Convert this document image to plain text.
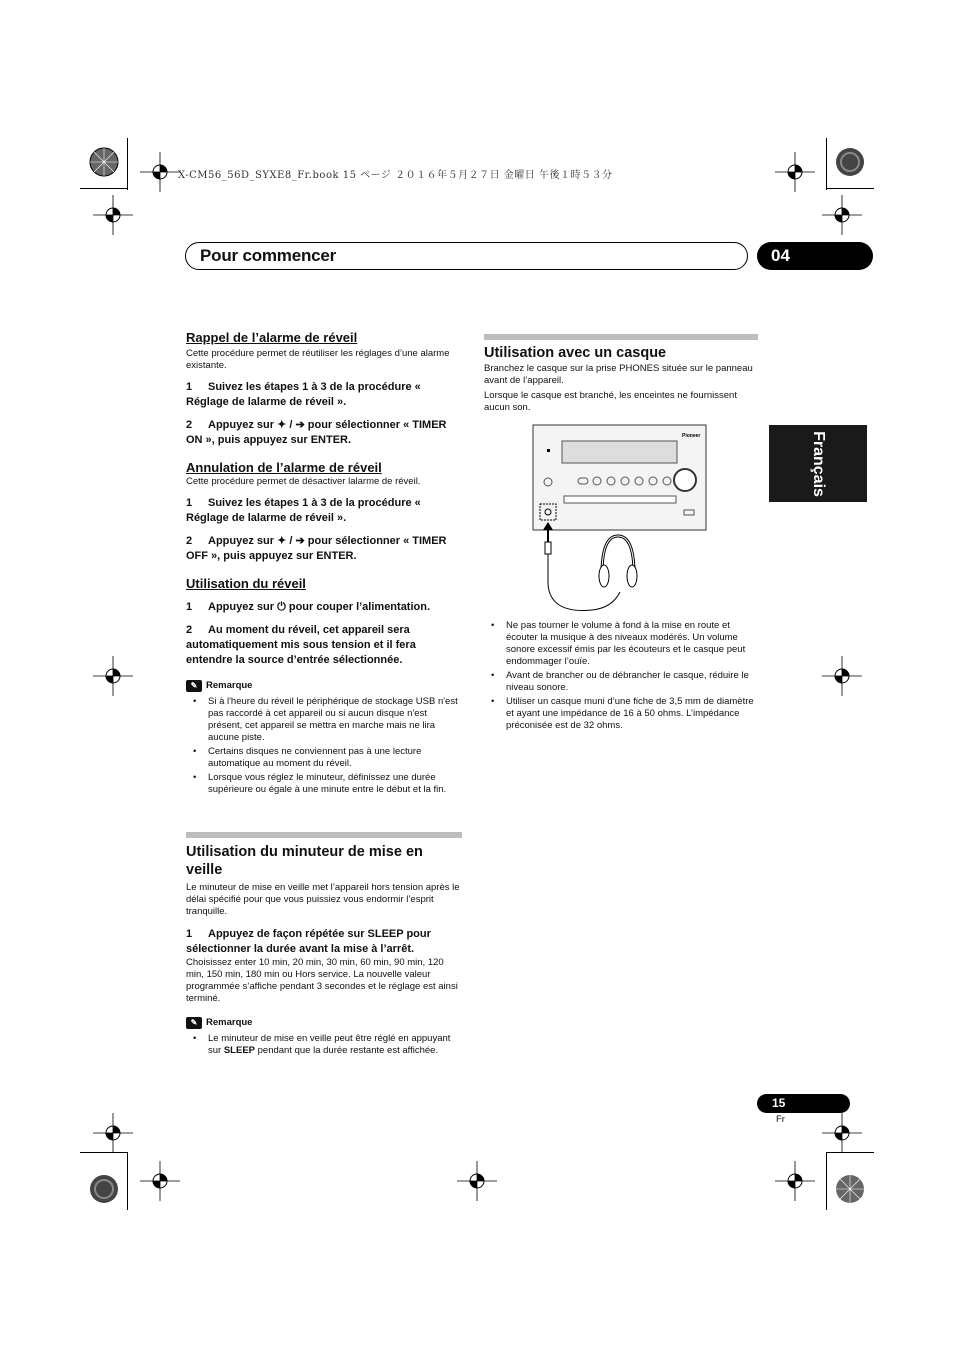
X-CM56_56D_SYXE8_Fr.book 15 ページ ２０１６年５月２７日 金曜日 午後１時５３分
Pour commencer	04
Français

Rappel de l’alarme de réveil

Cette procédure permet de réutiliser les réglages d’une alarme existante.

1 Suivez les étapes 1 à 3 de la procédure « Réglage de lalarme de réveil ».

2 Appuyez sur ✦ / ➔ pour sélectionner « TIMER ON », puis appuyez sur ENTER.

Annulation de l’alarme de réveil

Cette procédure permet de désactiver lalarme de réveil.

1 Suivez les étapes 1 à 3 de la procédure « Réglage de lalarme de réveil ».

2 Appuyez sur ✦ / ➔ pour sélectionner « TIMER OFF », puis appuyez sur ENTER.

Utilisation du réveil

1 Appuyez sur ⏻ pour couper l’alimentation.

2 Au moment du réveil, cet appareil sera automatiquement mis sous tension et il fera entendre la source d’entrée sélectionnée.

✎ Remarque
• Si à l'heure du réveil le périphérique de stockage USB n'est pas raccordé à cet appareil ou si aucun disque n'est présent, cet appareil se mettra en marche mais ne lira aucune piste.
• Certains disques ne conviennent pas à une lecture automatique au moment du réveil.
• Lorsque vous réglez le minuteur, définissez une durée supérieure ou égale à une minute entre le début et la fin.

Utilisation du minuteur de mise en veille

Le minuteur de mise en veille met l’appareil hors tension après le délai spécifié pour que vous puissiez vous endormir l’esprit tranquille.

1 Appuyez de façon répétée sur SLEEP pour sélectionner la durée avant la mise à l’arrêt.

Choisissez enter 10 min, 20 min, 30 min, 60 min, 90 min, 120 min, 150 min, 180 min ou Hors service. La nouvelle valeur programmée s’affiche pendant 3 secondes et le réglage est ainsi terminé.

✎ Remarque
• Le minuteur de mise en veille peut être réglé en appuyant sur SLEEP pendant que la durée restante est affichée.

Utilisation avec un casque

Branchez le casque sur la prise PHONES située sur le panneau avant de l’appareil.

Lorsque le casque est branché, les enceintes ne fournissent aucun son.

Pioneer
• Ne pas tourner le volume à fond à la mise en route et écouter la musique à des niveaux modérés. Un volume sonore excessif émis par les écouteurs et le casque peut endommager l’ouïe.
• Avant de brancher ou de débrancher le casque, réduire le niveau sonore.
• Utiliser un casque muni d’une fiche de 3,5 mm de diamètre et ayant une impédance de 16 à 50 ohms. L’impédance préconisée est de 32 ohms.
15
Fr
